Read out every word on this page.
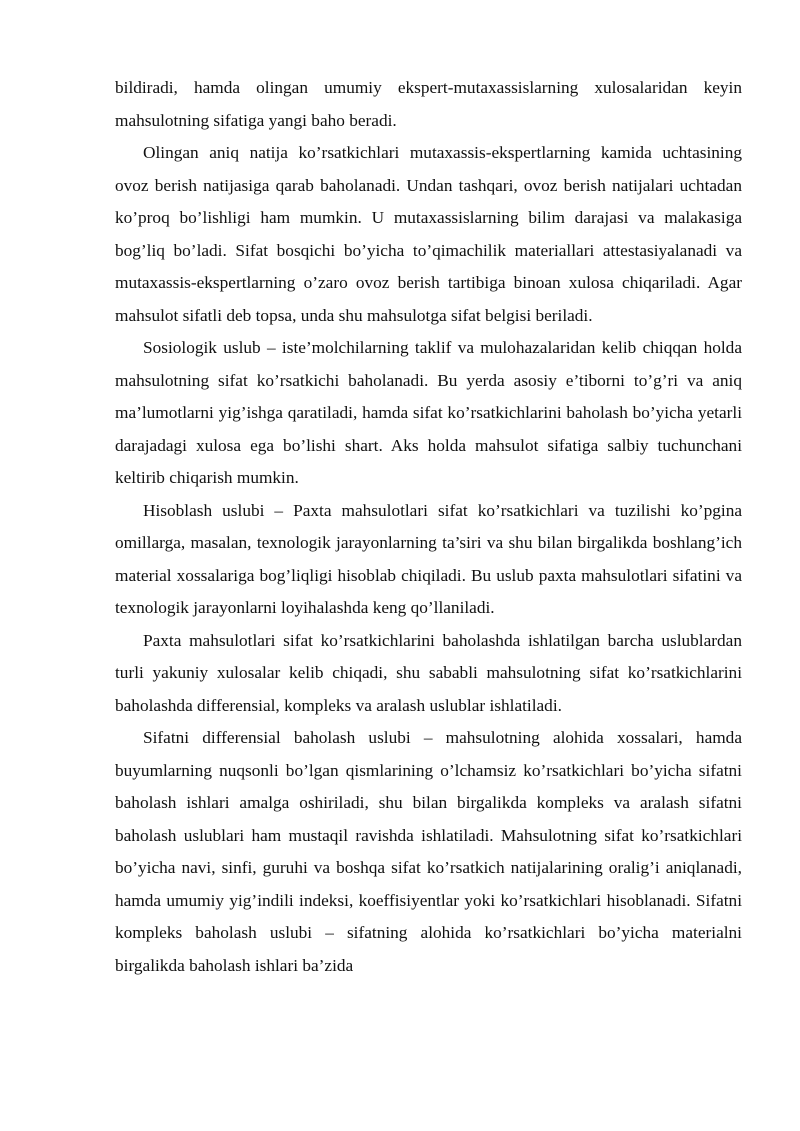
bildiradi, hamda olingan umumiy ekspert-mutaxassislarning xulosalaridan keyin mahsulotning sifatiga yangi baho beradi.

Olingan aniq natija ko’rsatkichlari mutaxassis-ekspertlarning kamida uchtasining ovoz berish natijasiga qarab baholanadi. Undan tashqari, ovoz berish natijalari uchtadan ko’proq bo’lishligi ham mumkin. U mutaxassislarning bilim darajasi va malakasiga bog’liq bo’ladi. Sifat bosqichi bo’yicha to’qimachilik materiallari attestasiyalanadi va mutaxassis-ekspertlarning o’zaro ovoz berish tartibiga binoan xulosa chiqariladi. Agar mahsulot sifatli deb topsa, unda shu mahsulotga sifat belgisi beriladi.

Sosiologik uslub – iste’molchilarning taklif va mulohazalaridan kelib chiqqan holda mahsulotning sifat ko’rsatkichi baholanadi. Bu yerda asosiy e’tiborni to’g’ri va aniq ma’lumotlarni yig’ishga qaratiladi, hamda sifat ko’rsatkichlarini baholash bo’yicha yetarli darajadagi xulosa ega bo’lishi shart. Aks holda mahsulot sifatiga salbiy tuchunchani keltirib chiqarish mumkin.

Hisoblash uslubi – Paxta mahsulotlari sifat ko’rsatkichlari va tuzilishi ko’pgina omillarga, masalan, texnologik jarayonlarning ta’siri va shu bilan birgalikda boshlang’ich material xossalariga bog’liqligi hisoblab chiqiladi. Bu uslub paxta mahsulotlari sifatini va texnologik jarayonlarni loyihalashda keng qo’llaniladi.

Paxta mahsulotlari sifat ko’rsatkichlarini baholashda ishlatilgan barcha uslublardan turli yakuniy xulosalar kelib chiqadi, shu sababli mahsulotning sifat ko’rsatkichlarini baholashda differensial, kompleks va aralash uslublar ishlatiladi.

Sifatni differensial baholash uslubi – mahsulotning alohida xossalari, hamda buyumlarning nuqsonli bo’lgan qismlarining o’lchamsiz ko’rsatkichlari bo’yicha sifatni baholash ishlari amalga oshiriladi, shu bilan birgalikda kompleks va aralash sifatni baholash uslublari ham mustaqil ravishda ishlatiladi. Mahsulotning sifat ko’rsatkichlari bo’yicha navi, sinfi, guruhi va boshqa sifat ko’rsatkich natijalarining oralig’i aniqlanadi, hamda umumiy yig’indili indeksi, koeffisiyentlar yoki ko’rsatkichlari hisoblanadi. Sifatni kompleks baholash uslubi – sifatning alohida ko’rsatkichlari bo’yicha materialni birgalikda baholash ishlari ba’zida
